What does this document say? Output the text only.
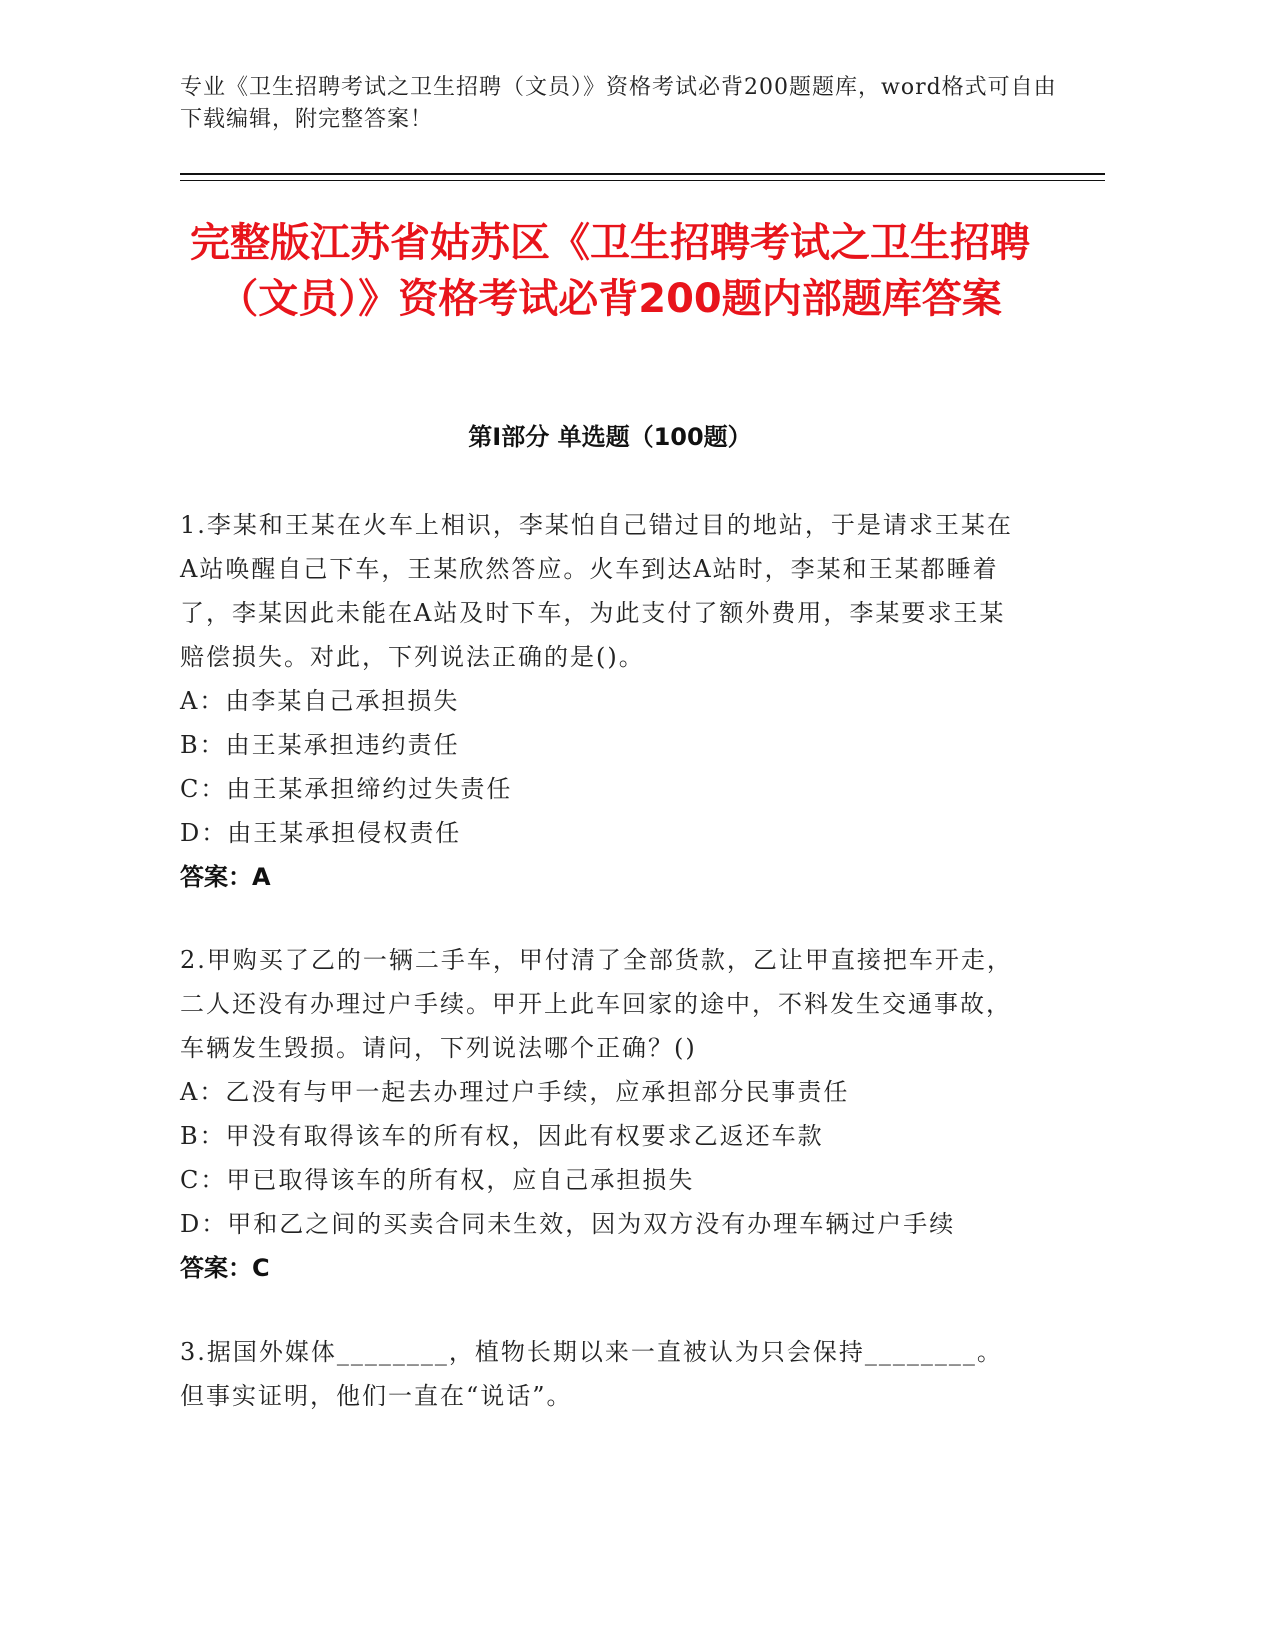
专业《卫生招聘考试之卫生招聘（文员）》资格考试必背200题题库，word格式可自由下载编辑，附完整答案！
完整版江苏省姑苏区《卫生招聘考试之卫生招聘（文员）》资格考试必背200题内部题库答案
第Ⅰ部分 单选题（100题）

1.李某和王某在火车上相识，李某怕自己错过目的地站，于是请求王某在A站唤醒自己下车，王某欣然答应。火车到达A站时，李某和王某都睡着了，李某因此未能在A站及时下车，为此支付了额外费用，李某要求王某赔偿损失。对此，下列说法正确的是()。

A：由李某自己承担损失

B：由王某承担违约责任

C：由王某承担缔约过失责任

D：由王某承担侵权责任

答案：A

2.甲购买了乙的一辆二手车，甲付清了全部货款，乙让甲直接把车开走，二人还没有办理过户手续。甲开上此车回家的途中，不料发生交通事故，车辆发生毁损。请问，下列说法哪个正确？()

A：乙没有与甲一起去办理过户手续，应承担部分民事责任

B：甲没有取得该车的所有权，因此有权要求乙返还车款

C：甲已取得该车的所有权，应自己承担损失

D：甲和乙之间的买卖合同未生效，因为双方没有办理车辆过户手续

答案：C

3.据国外媒体________，植物长期以来一直被认为只会保持________。但事实证明，他们一直在“说话”。
